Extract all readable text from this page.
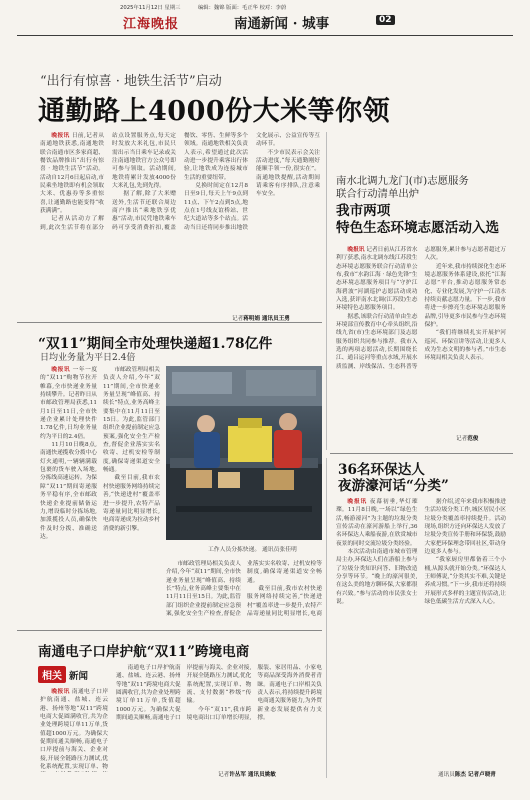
2025年11月12日 星期三	编辑：魏锦 版面：毛正华 校对：李蔚
江海晚报	南通新闻 · 城事	02
“出行有惊喜 · 地铁生活节”启动
通勤路上4000份大米等你领

晚报讯 日前,记者从南通地铁获悉,南通地铁联合南通市区多家商超、餐饮品牌推出“出行有惊喜 · 地铁生活节”活动。活动自12月6日起启动,市民乘坐地铁即有机会领取大米、优惠券等多重惊喜,让通勤路也能变得“收获满满”。

记者从活动方了解到,此次生活节将在部分站点设置服务点,每天定时发放大米礼包,市民只需出示当日乘车记录或关注南通地铁官方公众号即可参与领取。活动期间,地铁将累计发放4000份大米礼包,先到先得。

据了解,除了大米赠送外,生活节还联合周边商户推出“乘地铁享优惠”活动,市民凭地铁乘车码可享受消费折扣,覆盖餐饮、零售、生鲜等多个领域。南通地铁相关负责人表示,希望通过此次活动进一步提升乘客出行体验,让地铁成为连接城市生活的重要纽带。

兑换时间定在12月8日至9日,每天上午9点到11点、下午2点到5点,地点在1号线友谊桥站、世纪大道站等多个站点。活动当日还将同步推出地铁文化展示、公益宣传等互动环节。

不少市民表示会关注活动进度,“每天通勤刚好能顺手领一份,很实在”。南通地铁提醒,活动期间请乘客有序排队,注意乘车安全。

记者蒋明娟 通讯员王勇
南水北调九龙门(市)志愿服务
联合行动清单出炉
我市两项
特色生态环境志愿活动入选

晚报讯 记者日前从江苏省水利厅获悉,南水北调东线江苏段生态环境志愿服务联合行动清单公布,我市“水韵江海 · 绿色先锋”生态环境志愿服务项目与“守护江海碧波”河湖巡护志愿活动成功入选,获评南水北调(江苏段)生态环境特色志愿服务项目。

据悉,该联合行动清单由生态环境部宣传教育中心牵头组织,沿线九省(市)生态环境部门及志愿服务组织共同参与推荐。我市入选的两项志愿活动,长期围绕长江、通吕运河等重点水域,开展水质监测、岸线保洁、生态科普等志愿服务,累计参与志愿者超过万人次。

近年来,我市持续深化生态环境志愿服务体系建设,依托“江海志愿”平台,推动志愿服务常态化、专业化发展,为守护一江清水持续贡献志愿力量。下一步,我市将进一步擦亮生态环境志愿服务品牌,引导更多市民参与生态环境保护。

“我们将继续扎实开展护河巡河、环保宣讲等活动,让更多人成为生态文明的参与者。”市生态环境局相关负责人表示。

记者范俊
“双11”期间全市处理快递超1.78亿件
日均业务量为平日2.4倍

晚报讯 一年一度的“双11”购物节拉开帷幕,全市快递业务量持续攀升。记者昨日从市邮政管理局获悉,11月1日至11日,全市快递企业累计处理快件1.78亿件,日均业务量约为平日的2.4倍。

11月10日晚8点,南通快递揽收分拨中心灯火通明,一辆辆满载包裹的货车驶入场地,分拣线高速运转。为保障“双11”期间寄递服务平稳有序,全市邮政快递企业提前储备运力,增设临时分拣场地,加派揽投人员,确保快件及时分拨、准确送达。

市邮政管理局相关负责人介绍,今年“双11”期间,全市快递业务量呈现“峰值高、持续长”特点,业务高峰主要集中在11月11日至15日。为此,监管部门组织企业提前制定应急预案,强化安全生产检查,督促企业落实实名收寄、过机安检等制度,确保寄递渠道安全畅通。

截至目前,我市农村快递服务网络持续完善,“快递进村”覆盖率进一步提升,农特产品寄递量同比明显增长,电商寄递成为拉动乡村消费的新引擎。

工作人员分拣快递。 通讯员张佳明

市邮政管理局相关负责人介绍,今年“双11”期间,全市快递业务量呈现“峰值高、持续长”特点,业务高峰主要集中在11月11日至15日。为此,监管部门组织企业提前制定应急预案,强化安全生产检查,督促企业落实实名收寄、过机安检等制度,确保寄递渠道安全畅通。

截至目前,我市农村快递服务网络持续完善,“快递进村”覆盖率进一步提升,农特产品寄递量同比明显增长,电商

36名环保达人
夜游濠河话“分类”

晚报讯 夜幕初垂,华灯璀璨。11月8日晚,一场以“绿色生活,畅游濠河”为主题的垃圾分类宣传活动在濠河游船上举行,36名环保达人乘船夜游,在欣赏城市夜景的同时交流垃圾分类经验。

本次活动由南通市城市管理局主办,环保达人们在游船上参与了垃圾分类知识问答、旧物改造分享等环节。“晚上的濠河很美,在这么美的地方聊环保,大家都很有兴致。”参与活动的市民张女士说。

据介绍,近年来我市积极推进生活垃圾分类工作,城区居民小区垃圾分类覆盖率持续提升。活动现场,组织方还向环保达人发放了垃圾分类宣传手册和环保袋,鼓励大家把环保理念带回社区,带动身边更多人参与。

“我家厨房里都备着三个小桶,从源头就开始分类。”环保达人王师傅说,“分类其实不难,关键是养成习惯。”下一步,我市还将持续开展形式多样的主题宣传活动,让绿色低碳生活方式深入人心。

通讯员陈杰 记者卢晓青
南通电子口岸护航“双11”跨境电商
相关 新闻

晚报讯 南通电子口岸护航南通、盐城、连云港、扬州等地“双11”跨境电商大促圆满收官,共为企业处理跨境订单11万单,货值超1000万元。为确保大促期间通关顺畅,南通电子口岸提前与海关、企业对接,开展全链路压力测试,优化系统配置,实现订单、物

南通电子口岸护航南通、盐城、连云港、扬州等地“双11”跨境电商大促圆满收官,共为企业处理跨境订单11万单,货值超1000万元。为确保大促期间通关顺畅,南通电子口岸提前与海关、企业对接,开展全链路压力测试,优化系统配置,实现订单、物流、支付数据“秒级”传输。

今年“双11”,我市跨境电商出口订单增长明显,服装、家居用品、小家电等商品深受海外消费者青睐。南通电子口岸相关负责人表示,将持续提升跨境电商通关服务能力,为外贸新业态发展提供有力支撑。

记者许丛军 通讯员姚敏
